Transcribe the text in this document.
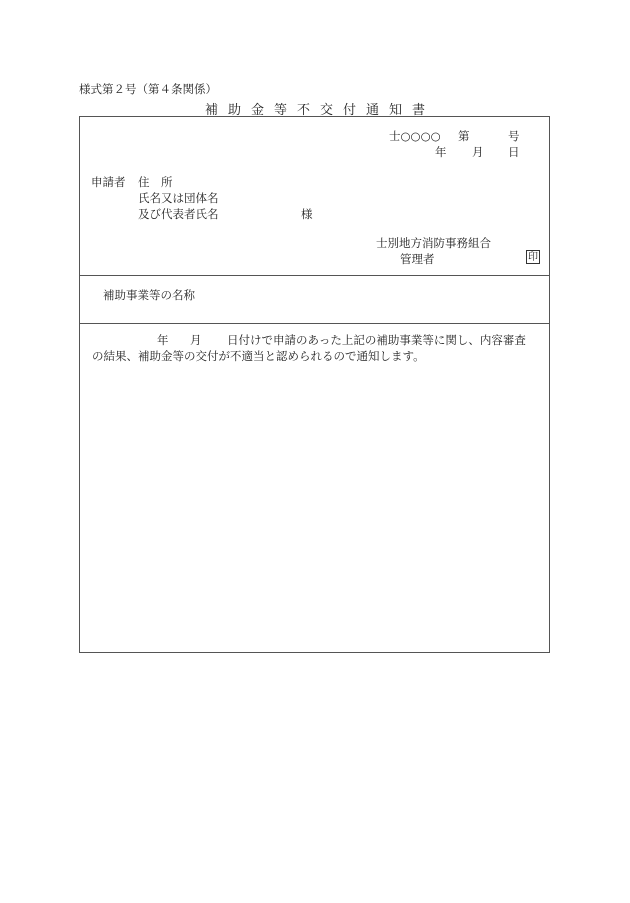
様式第２号（第４条関係）
補助金等不交付通知書
士○○○○ 第	号
年 月 日
申請者 住　所
氏名又は団体名
及び代表者氏名	様
士別地方消防事務組合
管理者	印
補助事業等の名称
年 月 日付けで申請のあった上記の補助事業等に関し、内容審査
の結果、補助金等の交付が不適当と認められるので通知します。
